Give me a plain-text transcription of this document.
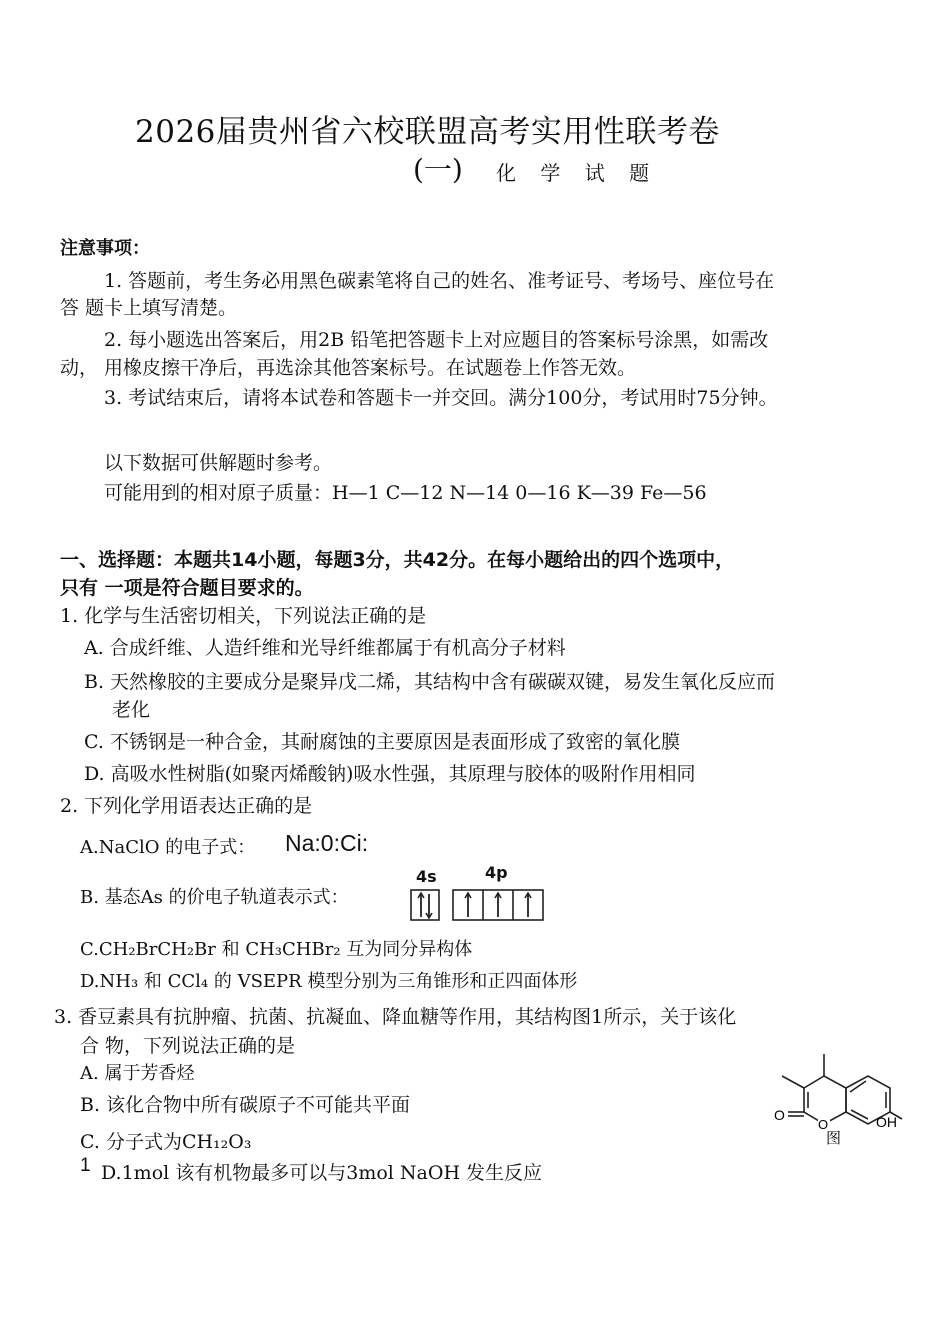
2026届贵州省六校联盟高考实用性联考卷
(一) 化 学 试 题
注意事项：
1. 答题前，考生务必用黑色碳素笔将自己的姓名、准考证号、考场号、座位号在
答 题卡上填写清楚。
2. 每小题选出答案后，用2B 铅笔把答题卡上对应题目的答案标号涂黑，如需改
动， 用橡皮擦干净后，再选涂其他答案标号。在试题卷上作答无效。
3. 考试结束后，请将本试卷和答题卡一并交回。满分100分，考试用时75分钟。
以下数据可供解题时参考。
可能用到的相对原子质量：H—1 C—12 N—14 0—16 K—39 Fe—56
一、选择题：本题共14小题，每题3分，共42分。在每小题给出的四个选项中，
只有 一项是符合题目要求的。
1. 化学与生活密切相关，下列说法正确的是
A. 合成纤维、人造纤维和光导纤维都属于有机高分子材料
B. 天然橡胶的主要成分是聚异戊二烯，其结构中含有碳碳双键，易发生氧化反应而
老化
C. 不锈钢是一种合金，其耐腐蚀的主要原因是表面形成了致密的氧化膜
D. 高吸水性树脂(如聚丙烯酸钠)吸水性强，其原理与胶体的吸附作用相同
2. 下列化学用语表达正确的是
A.NaClO 的电子式： Na:0:Ci:
B. 基态As 的价电子轨道表示式：
4s	4p
C.CH₂BrCH₂Br 和 CH₃CHBr₂ 互为同分异构体
D.NH₃ 和 CCl₄ 的 VSEPR 模型分别为三角锥形和正四面体形
3. 香豆素具有抗肿瘤、抗菌、抗凝血、降血糖等作用，其结构图1所示，关于该化
合 物，下列说法正确的是
A. 属于芳香烃
B. 该化合物中所有碳原子不可能共平面
C. 分子式为CH₁₂O₃
1 D.1mol 该有机物最多可以与3mol NaOH 发生反应
O
O	OH
图
